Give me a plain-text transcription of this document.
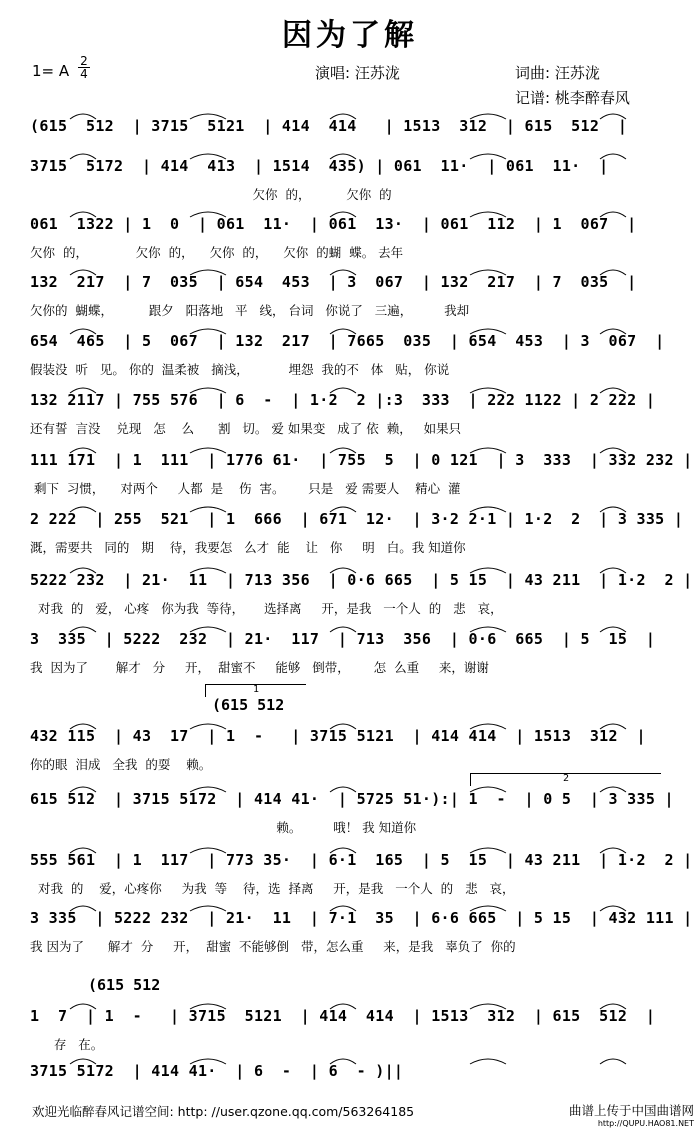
因为了解
1= A
2
4	演唱: 汪苏泷	词曲: 汪苏泷
记谱: 桃李醉春风
(615  512  | 3715  5121  | 414  414   | 1513  312  | 615  512  |
3715  5172  | 414  413  | 1514  435) | 061  11·  | 061  11·  |
欠你  的，         欠你  的
061  1322 | 1  0  | 061  11·  | 061  13·  | 061  112  | 1  067  |
欠你  的，            欠你  的，    欠你  的，    欠你  的蝴  蝶。 去年
132  217  | 7  035  | 654  453  | 3  067  | 132  217  | 7  035  |
欠你的  蝴蝶，         跟夕   阳落地   平   线， 台词   你说了   三遍，        我却
654  465  | 5  067  | 132  217  | 7665  035  | 654  453  | 3  067  |
假装没  听   见。 你的  温柔被   摘浅，          埋怨  我的不   体   贴， 你说
132 2117 | 755 576  | 6  -  | 1·2  2 |:3  333  | 222 1122 | 2 222 |
还有誓  言没    兑现   怎    么      割   切。 爱 如果变   成了 依  赖，   如果只
111 171  | 1  111  | 1776 61·  | 755  5  | 0 121  | 3  333  | 332 232 |
剩下  习惯，    对两个     人都  是    伤  害。      只是   爱 需要人    精心  灌
2 222  | 255  521  | 1  666  | 671  12·  | 3·2 2·1 | 1·2  2  | 3 335 |
溉，需要共   同的   期    待，我要怎   么才  能    让   你     明   白。我 知道你
5222 232  | 21·  11  | 713 356  | 0·6 665  | 5 15  | 43 211  | 1·2  2 |
对我  的   爱， 心疼   你为我  等待，     选择离     开，是我   一个人  的   悲   哀，
3  335  | 5222  232  | 21·  117  | 713  356  | 0·6  665  | 5  15  |
我  因为了       解才   分     开，  甜蜜不     能够   倒带，      怎  么重     来，谢谢
432 115  | 43  17  | 1  -   | 3715 5121  | 414 414  | 1513  312  |
你的眼  泪成   全我  的耍    赖。
615 512  | 3715 5172  | 414 41·  | 5725 51·):| 1  -  | 0 5  | 3 335 |
赖。        哦！ 我 知道你
555 561  | 1  117  | 773 35·  | 6·1  165  | 5  15  | 43 211  | 1·2  2 |
对我  的    爱，心疼你     为我  等    待，选  择离     开，是我   一个人  的   悲   哀，
3 335  | 5222 232  | 21·  11  | 7·1  35  | 6·6 665  | 5 15  | 432 111 |
我 因为了      解才  分     开，  甜蜜  不能够倒   带，怎么重     来，是我   辜负了  你的
1  7  | 1  -   | 3715  5121  | 414  414  | 1513  312  | 615  512  |
存   在。
3715 5172  | 414 41·  | 6  -  | 6  - )||
1
(615 512
2
(615 512
欢迎光临醉春风记谱空间: http: //user.qzone.qq.com/563264185	曲谱上传于中国曲谱网
http://QUPU.HAO81.NET
